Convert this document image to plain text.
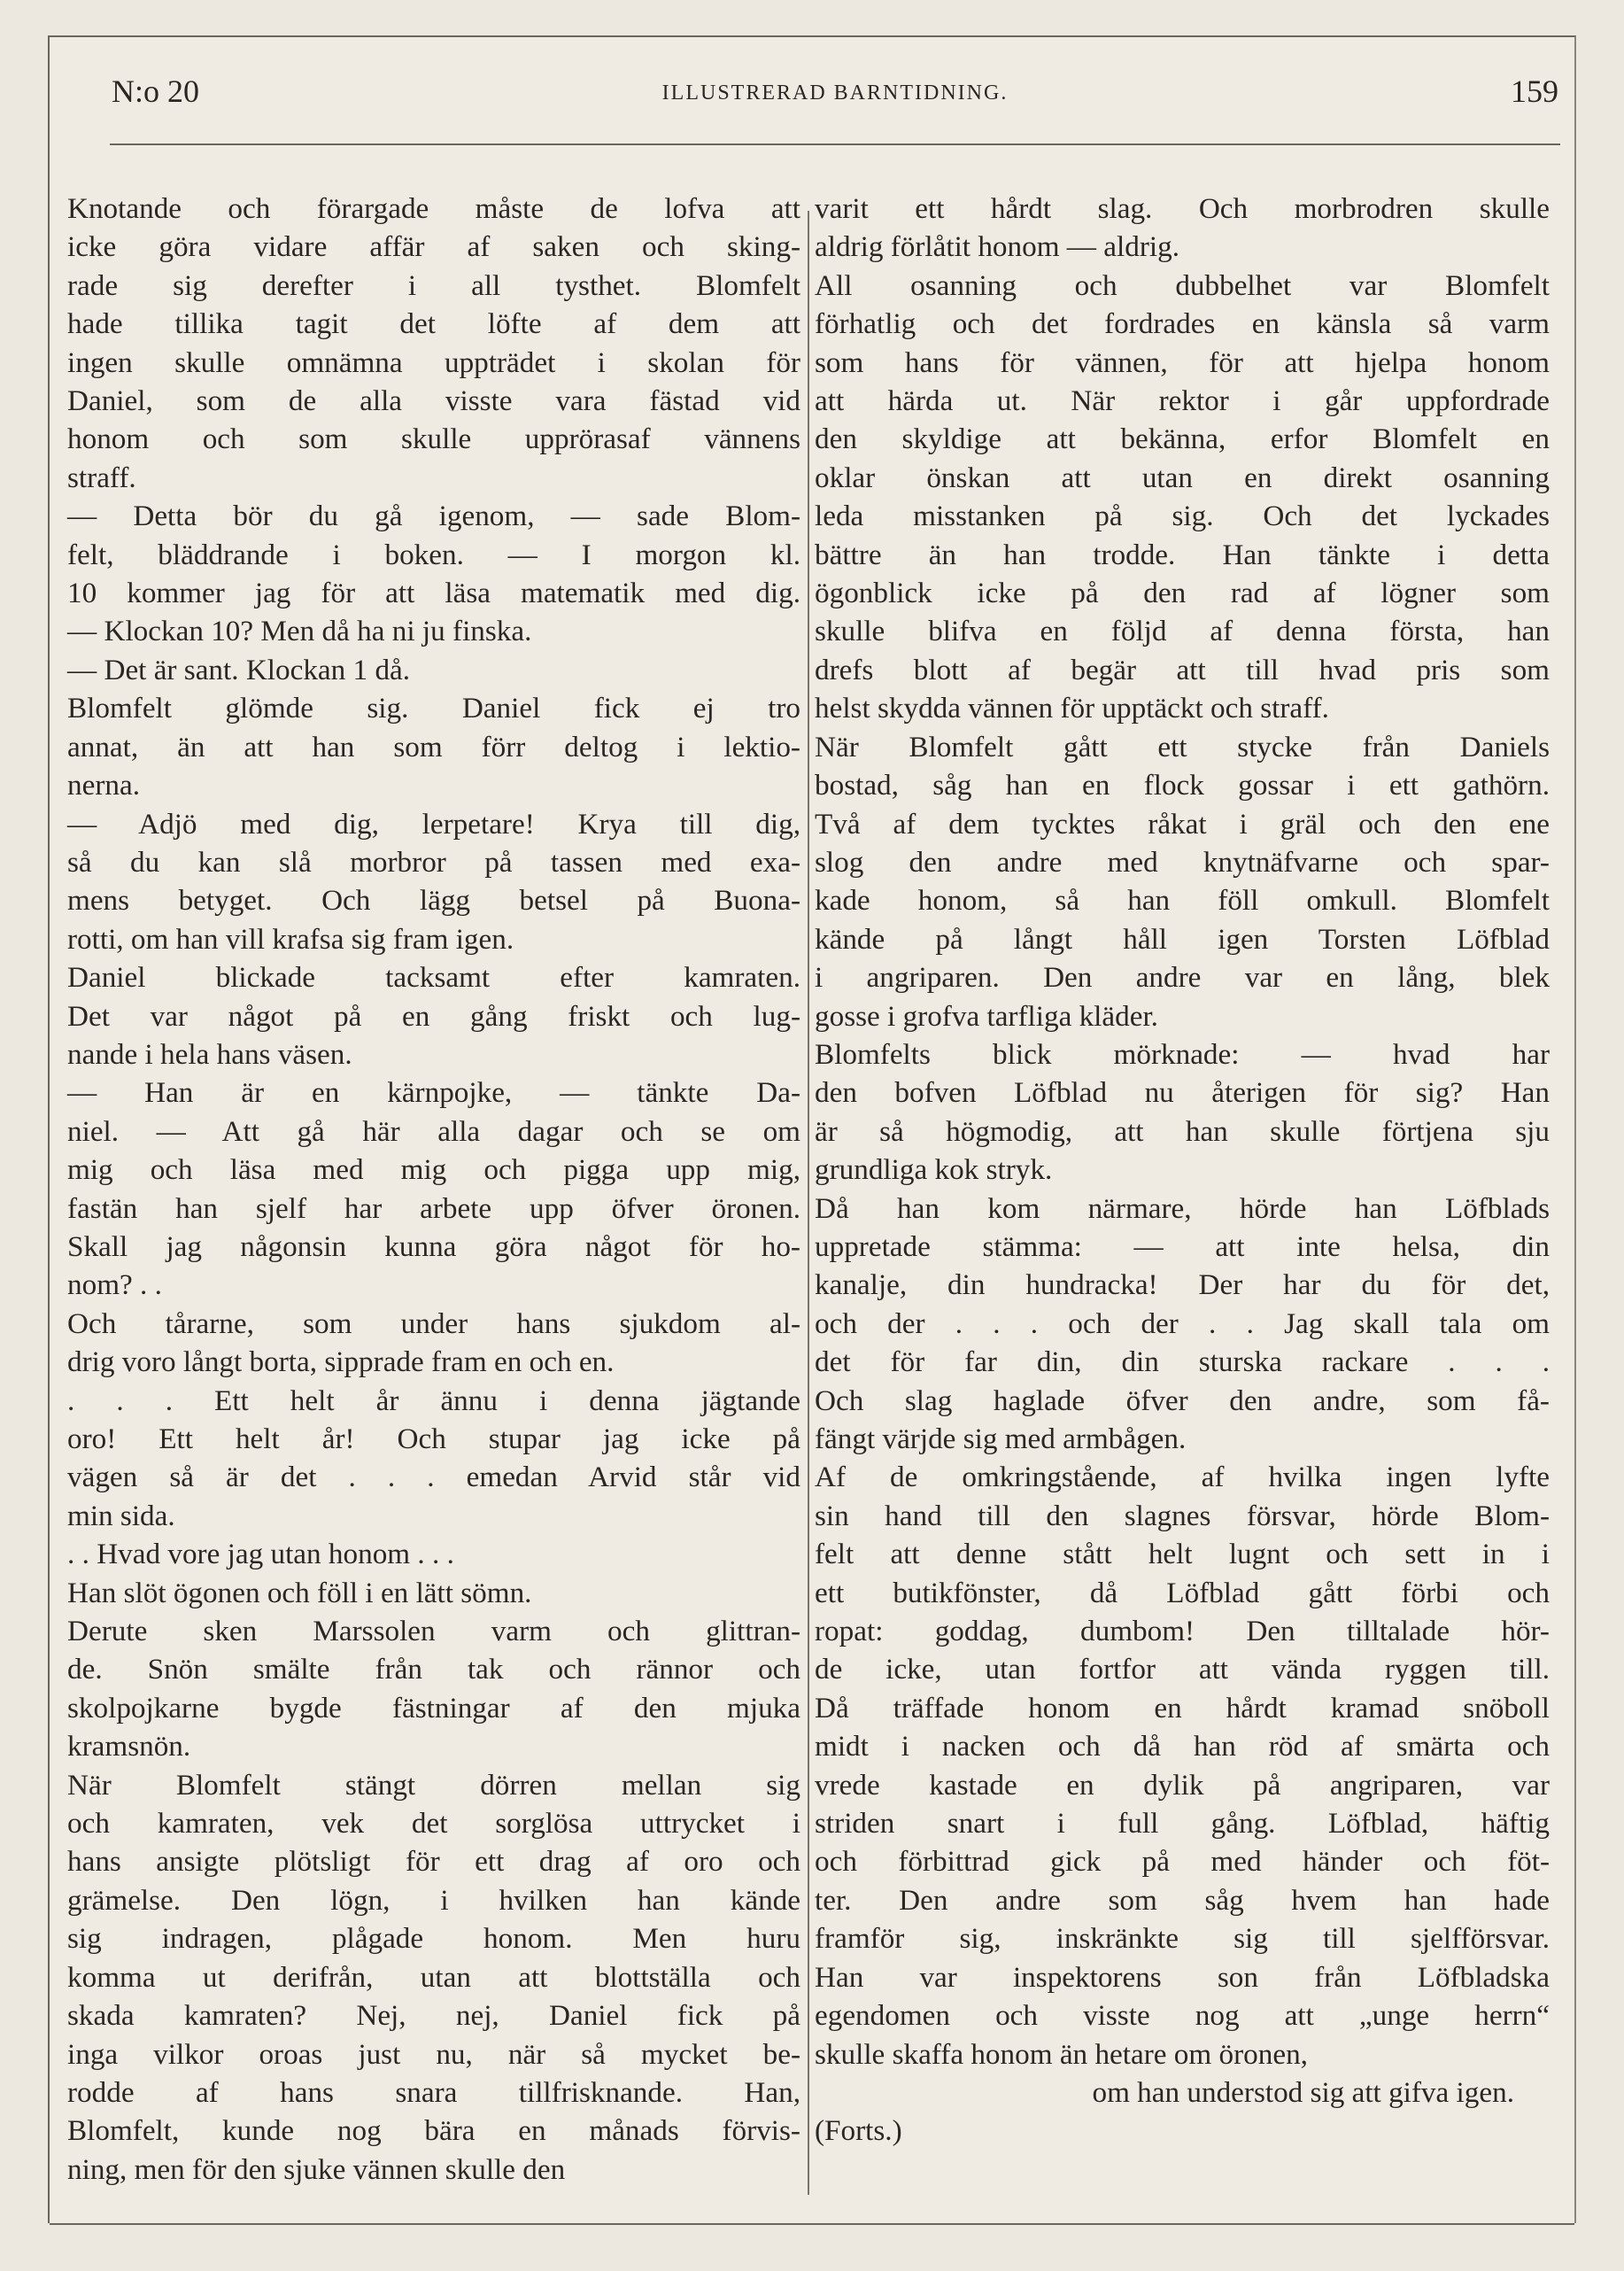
N:o 20	ILLUSTRERAD BARNTIDNING.	159
Knotande och förargade måste de lofva att
icke göra vidare affär af saken och sking-
rade sig derefter i all tysthet. Blomfelt
hade tillika tagit det löfte af dem att
ingen skulle omnämna uppträdet i skolan för
Daniel, som de alla visste vara fästad vid
honom och som skulle upprörasaf vännens
straff.
— Detta bör du gå igenom, — sade Blom-
felt, bläddrande i boken. — I morgon kl.
10 kommer jag för att läsa matematik med dig.
— Klockan 10? Men då ha ni ju finska.
— Det är sant. Klockan 1 då.
Blomfelt glömde sig. Daniel fick ej tro
annat, än att han som förr deltog i lektio-
nerna.
— Adjö med dig, lerpetare! Krya till dig,
så du kan slå morbror på tassen med exa-
mens betyget. Och lägg betsel på Buona-
rotti, om han vill krafsa sig fram igen.
Daniel blickade tacksamt efter kamraten.
Det var något på en gång friskt och lug-
nande i hela hans väsen.
— Han är en kärnpojke, — tänkte Da-
niel. — Att gå här alla dagar och se om
mig och läsa med mig och pigga upp mig,
fastän han sjelf har arbete upp öfver öronen.
Skall jag någonsin kunna göra något för ho-
nom? . .
Och tårarne, som under hans sjukdom al-
drig voro långt borta, sipprade fram en och en.
. . . Ett helt år ännu i denna jägtande
oro! Ett helt år! Och stupar jag icke på
vägen så är det . . . emedan Arvid står vid
min sida.
. . Hvad vore jag utan honom . . .
Han slöt ögonen och föll i en lätt sömn.
Derute sken Marssolen varm och glittran-
de. Snön smälte från tak och rännor och
skolpojkarne bygde fästningar af den mjuka
kramsnön.
När Blomfelt stängt dörren mellan sig
och kamraten, vek det sorglösa uttrycket i
hans ansigte plötsligt för ett drag af oro och
grämelse. Den lögn, i hvilken han kände
sig indragen, plågade honom. Men huru
komma ut derifrån, utan att blottställa och
skada kamraten? Nej, nej, Daniel fick på
inga vilkor oroas just nu, när så mycket be-
rodde af hans snara tillfrisknande. Han,
Blomfelt, kunde nog bära en månads förvis-
ning, men för den sjuke vännen skulle den
varit ett hårdt slag. Och morbrodren skulle
aldrig förlåtit honom — aldrig.
All osanning och dubbelhet var Blomfelt
förhatlig och det fordrades en känsla så varm
som hans för vännen, för att hjelpa honom
att härda ut. När rektor i går uppfordrade
den skyldige att bekänna, erfor Blomfelt en
oklar önskan att utan en direkt osanning
leda misstanken på sig. Och det lyckades
bättre än han trodde. Han tänkte i detta
ögonblick icke på den rad af lögner som
skulle blifva en följd af denna första, han
drefs blott af begär att till hvad pris som
helst skydda vännen för upptäckt och straff.
När Blomfelt gått ett stycke från Daniels
bostad, såg han en flock gossar i ett gathörn.
Två af dem tycktes råkat i gräl och den ene
slog den andre med knytnäfvarne och spar-
kade honom, så han föll omkull. Blomfelt
kände på långt håll igen Torsten Löfblad
i angriparen. Den andre var en lång, blek
gosse i grofva tarfliga kläder.
Blomfelts blick mörknade: — hvad har
den bofven Löfblad nu återigen för sig? Han
är så högmodig, att han skulle förtjena sju
grundliga kok stryk.
Då han kom närmare, hörde han Löfblads
uppretade stämma: — att inte helsa, din
kanalje, din hundracka! Der har du för det,
och der . . . och der . . Jag skall tala om
det för far din, din sturska rackare . . .
Och slag haglade öfver den andre, som få-
fängt värjde sig med armbågen.
Af de omkringstående, af hvilka ingen lyfte
sin hand till den slagnes försvar, hörde Blom-
felt att denne stått helt lugnt och sett in i
ett butikfönster, då Löfblad gått förbi och
ropat: goddag, dumbom! Den tilltalade hör-
de icke, utan fortfor att vända ryggen till.
Då träffade honom en hårdt kramad snöboll
midt i nacken och då han röd af smärta och
vrede kastade en dylik på angriparen, var
striden snart i full gång. Löfblad, häftig
och förbittrad gick på med händer och föt-
ter. Den andre som såg hvem han hade
framför sig, inskränkte sig till sjelfförsvar.
Han var inspektorens son från Löfbladska
egendomen och visste nog att „unge herrn“
skulle skaffa honom än hetare om öronen,
om han understod sig att gifva igen.
(Forts.)
